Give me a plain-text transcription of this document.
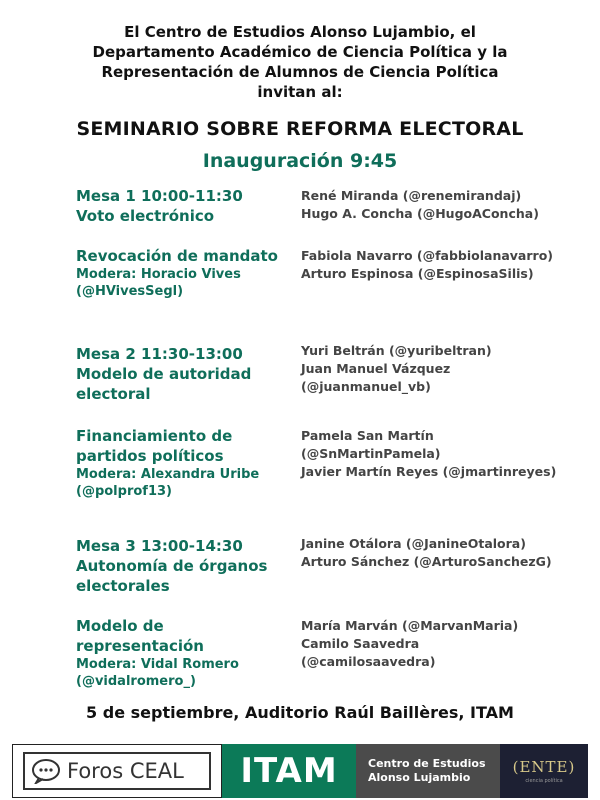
El Centro de Estudios Alonso Lujambio, el
Departamento Académico de Ciencia Política y la
Representación de Alumnos de Ciencia Política
invitan al:
SEMINARIO SOBRE REFORMA ELECTORAL
Inauguración 9:45
Mesa 1 10:00-11:30
Voto electrónico
René Miranda (@renemirandaj)
Hugo A. Concha (@HugoAConcha)
Revocación de mandato
Modera: Horacio Vives
(@HVivesSegl)
Fabiola Navarro (@fabbiolanavarro)
Arturo Espinosa (@EspinosaSilis)
Mesa 2 11:30-13:00
Modelo de autoridad
electoral
Yuri Beltrán (@yuribeltran)
Juan Manuel Vázquez
(@juanmanuel_vb)
Financiamiento de
partidos políticos
Modera: Alexandra Uribe
(@polprof13)
Pamela San Martín
(@SnMartinPamela)
Javier Martín Reyes (@jmartinreyes)
Mesa 3 13:00-14:30
Autonomía de órganos
electorales
Janine Otálora (@JanineOtalora)
Arturo Sánchez (@ArturoSanchezG)
Modelo de
representación
Modera: Vidal Romero
(@vidalromero_)
María Marván (@MarvanMaria)
Camilo Saavedra
(@camilosaavedra)
5 de septiembre, Auditorio Raúl Baillères, ITAM
Foros CEAL ITAM	Centro de Estudios
Alonso Lujambio
(ENTE)
ciencia política
